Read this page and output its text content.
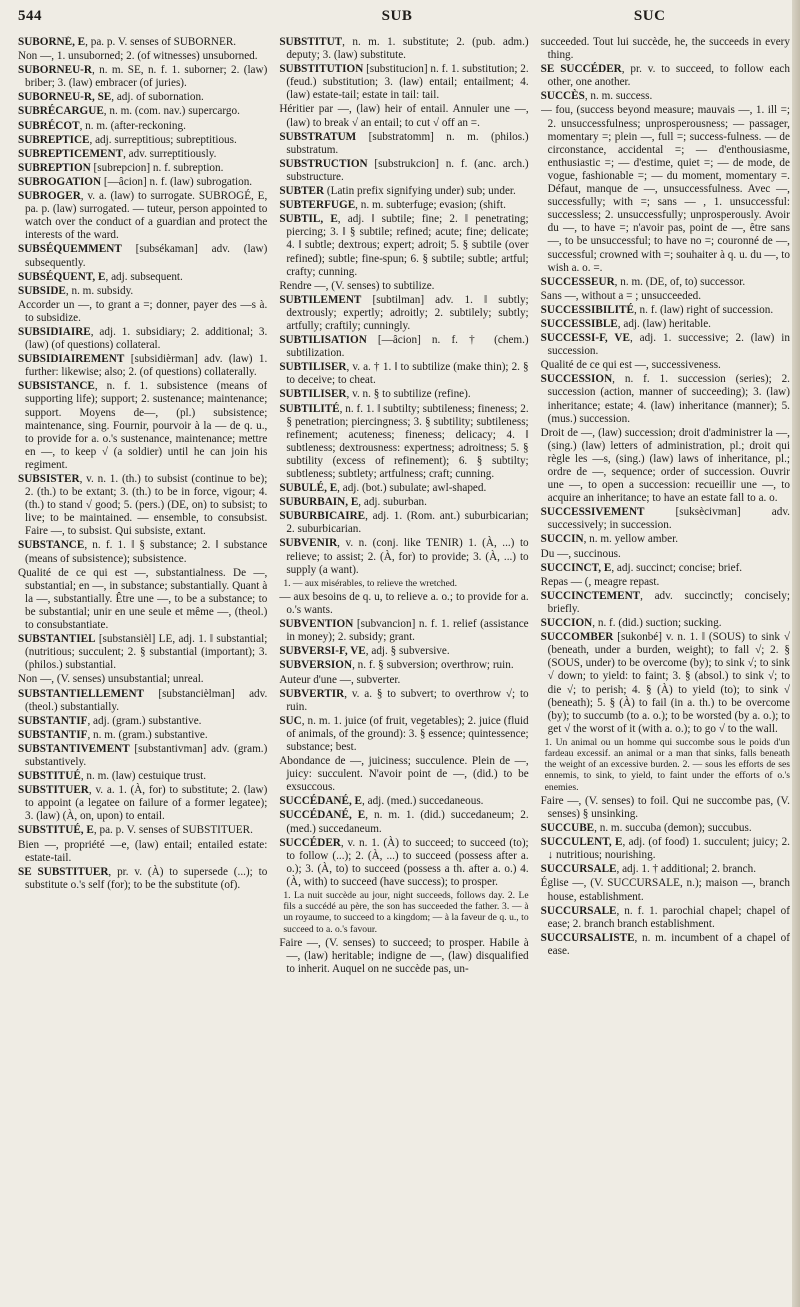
544	SUB	SUC

SUBORNÉ, E, pa. p. V. senses of SUBORNER.

Non —, 1. unsuborned; 2. (of witnesses) unsuborned.

SUBORNEU-R, n. m. SE, n. f. 1. suborner; 2. (law) briber; 3. (law) embracer (of juries).

SUBORNEU-R, SE, adj. of subornation.

SUBRÉCARGUE, n. m. (com. nav.) supercargo.

SUBRÉCOT, n. m. (after-reckoning.

SUBREPTICE, adj. surreptitious; subreptitious.

SUBREPTICEMENT, adv. surreptitiously.

SUBREPTION [subrepcion] n. f. subreption.

SUBROGATION [—âcion] n. f. (law) subrogation.

SUBROGER, v. a. (law) to surrogate. SUBROGÉ, E, pa. p. (law) surrogated. — tuteur, person appointed to watch over the conduct of a guardian and protect the interests of the ward.

SUBSÉQUEMMENT [subsékaman] adv. (law) subsequently.

SUBSÉQUENT, E, adj. subsequent.

SUBSIDE, n. m. subsidy.

Accorder un —, to grant a =; donner, payer des —s à. to subsidize.

SUBSIDIAIRE, adj. 1. subsidiary; 2. additional; 3. (law) (of questions) collateral.

SUBSIDIAIREMENT [subsidièrman] adv. (law) 1. further: likewise; also; 2. (of questions) collaterally.

SUBSISTANCE, n. f. 1. subsistence (means of supporting life); support; 2. sustenance; maintenance; support. Moyens de—, (pl.) subsistence; maintenance, sing. Fournir, pourvoir à la — de q. u., to provide for a. o.'s sustenance, maintenance; mettre en —, to keep √ (a soldier) until he can join his regiment.

SUBSISTER, v. n. 1. (th.) to subsist (continue to be); 2. (th.) to be extant; 3. (th.) to be in force, vigour; 4. (th.) to stand √ good; 5. (pers.) (DE, on) to subsist; to live; to be maintained. — ensemble, to consubsist. Faire —, to subsist. Qui subsiste, extant.

SUBSTANCE, n. f. 1. ‖ § substance; 2. ‖ substance (means of subsistence); subsistence.

Qualité de ce qui est —, substantialness. De —, substantial; en —, in substance; substantially. Quant à la —, substantially. Être une —, to be a substance; to be substantial; unir en une seule et même —, (theol.) to consubstantiate.

SUBSTANTIEL [substansièl] LE, adj. 1. ‖ substantial; (nutritious; succulent; 2. § substantial (important); 3. (philos.) substantial.

Non —, (V. senses) unsubstantial; unreal.

SUBSTANTIELLEMENT [substancièlman] adv. (theol.) substantially.

SUBSTANTIF, adj. (gram.) substantive.

SUBSTANTIF, n. m. (gram.) substantive.

SUBSTANTIVEMENT [substantivman] adv. (gram.) substantively.

SUBSTITUÉ, n. m. (law) cestuique trust.

SUBSTITUER, v. a. 1. (À, for) to substitute; 2. (law) to appoint (a legatee on failure of a former legatee); 3. (law) (À, on, upon) to entail.

SUBSTITUÉ, E, pa. p. V. senses of SUBSTITUER.

Bien —, propriété —e, (law) entail; entailed estate: estate-tail.

SE SUBSTITUER, pr. v. (À) to supersede (...); to substitute o.'s self (for); to be the substitute (of).

SUBSTITUT, n. m. 1. substitute; 2. (pub. adm.) deputy; 3. (law) substitute.

SUBSTITUTION [substitucion] n. f. 1. substitution; 2. (feud.) substitution; 3. (law) entail; entailment; 4. (law) estate-tail; estate in tail: tail.

Héritier par —, (law) heir of entail. Annuler une —, (law) to break √ an entail; to cut √ off an =.

SUBSTRATUM [substratomm] n. m. (philos.) substratum.

SUBSTRUCTION [substrukcion] n. f. (anc. arch.) substructure.

SUBTER (Latin prefix signifying under) sub; under.

SUBTERFUGE, n. m. subterfuge; evasion; (shift.

SUBTIL, E, adj. ‖ subtile; fine; 2. ‖ penetrating; piercing; 3. ‖ § subtile; refined; acute; fine; delicate; 4. ‖ subtle; dextrous; expert; adroit; 5. § subtile (over refined); subtle; fine-spun; 6. § subtile; subtle; artful; crafty; cunning.

Rendre —, (V. senses) to subtilize.

SUBTILEMENT [subtilman] adv. 1. ‖ subtly; dextrously; expertly; adroitly; 2. subtilely; subtly; artfully; craftily; cunningly.

SUBTILISATION [—âcion] n. f. † (chem.) subtilization.

SUBTILISER, v. a. † 1. ‖ to subtilize (make thin); 2. § to deceive; to cheat.

SUBTILISER, v. n. § to subtilize (refine).

SUBTILITÉ, n. f. 1. ‖ subtilty; subtileness; fineness; 2. § penetration; piercingness; 3. § subtility; subtileness; refinement; acuteness; fineness; delicacy; 4. ‖ subtleness; dextrousness: expertness; adroitness; 5. § subtility (excess of refinement); 6. § subtilty; subtleness; subtlety; artfulness; craft; cunning.

SUBULÉ, E, adj. (bot.) subulate; awl-shaped.

SUBURBAIN, E, adj. suburban.

SUBURBICAIRE, adj. 1. (Rom. ant.) suburbicarian; 2. suburbicarian.

SUBVENIR, v. n. (conj. like TENIR) 1. (À, ...) to relieve; to assist; 2. (À, for) to provide; 3. (À, ...) to supply (a want).

1. — aux misérables, to relieve the wretched.

— aux besoins de q. u, to relieve a. o.; to provide for a. o.'s wants.

SUBVENTION [subvancion] n. f. 1. relief (assistance in money); 2. subsidy; grant.

SUBVERSI-F, VE, adj. § subversive.

SUBVERSION, n. f. § subversion; overthrow; ruin.

Auteur d'une —, subverter.

SUBVERTIR, v. a. § to subvert; to overthrow √; to ruin.

SUC, n. m. 1. juice (of fruit, vegetables); 2. juice (fluid of animals, of the ground): 3. § essence; quintessence; substance; best.

Abondance de —, juiciness; succulence. Plein de —, juicy: succulent. N'avoir point de —, (did.) to be exsuccous.

SUCCÉDANÉ, E, adj. (med.) succedaneous.

SUCCÉDANÉ, E, n. m. 1. (did.) succedaneum; 2. (med.) succedaneum.

SUCCÉDER, v. n. 1. (À) to succeed; to succeed (to); to follow (...); 2. (À, ...) to succeed (possess after a. o.); 3. (À, to) to succeed (possess a th. after a. o.) 4. (À, with) to succeed (have success); to prosper.

1. La nuit succède au jour, night succeeds, follows day. 2. Le fils a succédé au père, the son has succeeded the father. 3. — à un royaume, to succeed to a kingdom; — à la faveur de q. u., to succeed to a. o.'s favour.

Faire —, (V. senses) to succeed; to prosper. Habile à —, (law) heritable; indigne de —, (law) disqualified to inherit. Auquel on ne succède pas, un-

succeeded. Tout lui succède, he, the succeeds in every thing.

SE SUCCÉDER, pr. v. to succeed, to follow each other, one another.

SUCCÈS, n. m. success.

— fou, (success beyond measure; mauvais —, 1. ill =; 2. unsuccessfulness; unprosperousness; — passager, momentary =; plein —, full =; success-fulness. — de circonstance, accidental =; — d'enthousiasme, enthusiastic =; — d'estime, quiet =; — de mode, de vogue, fashionable =; — du moment, momentary =. Défaut, manque de —, unsuccessfulness. Avec —, successfully; with =; sans — , 1. unsuccessful: successless; 2. unsuccessfully; unprosperously. Avoir du —, to have =; n'avoir pas, point de —, être sans —, to be unsuccessful; to have no =; couronné de —, successful; crowned with =; souhaiter à q. u. du —, to wish a. o. =.

SUCCESSEUR, n. m. (DE, of, to) successor.

Sans —, without a = ; unsucceeded.

SUCCESSIBILITÉ, n. f. (law) right of succession.

SUCCESSIBLE, adj. (law) heritable.

SUCCESSI-F, VE, adj. 1. successive; 2. (law) in succession.

Qualité de ce qui est —, successiveness.

SUCCESSION, n. f. 1. succession (series); 2. succession (action, manner of succeeding); 3. (law) inheritance; estate; 4. (law) inheritance (manner); 5. (mus.) succession.

Droit de —, (law) succession; droit d'administrer la —, (sing.) (law) letters of administration, pl.; droit qui règle les —s, (sing.) (law) laws of inheritance, pl.; ordre de —, sequence; order of succession. Ouvrir une —, to open a succession: recueillir une —, to acquire an inheritance; to have an estate fall to a. o.

SUCCESSIVEMENT [suksècivman] adv. successively; in succession.

SUCCIN, n. m. yellow amber.

Du —, succinous.

SUCCINCT, E, adj. succinct; concise; brief.

Repas — (, meagre repast.

SUCCINCTEMENT, adv. succinctly; concisely; briefly.

SUCCION, n. f. (did.) suction; sucking.

SUCCOMBER [sukonbé] v. n. 1. ‖ (SOUS) to sink √ (beneath, under a burden, weight); to fall √; 2. § (SOUS, under) to be overcome (by); to sink √; to sink √ down; to yield: to faint; 3. § (absol.) to sink √; to die √; to perish; 4. § (À) to yield (to); to sink √ (beneath); 5. § (À) to fail (in a. th.) to be overcome (by); to succumb (to a. o.); to be worsted (by a. o.); to get √ the worst of it (with a. o.); to go √ to the wall.

1. Un animal ou un homme qui succombe sous le poids d'un fardeau excessif. an animal or a man that sinks, falls beneath the weight of an excessive burden. 2. — sous les efforts de ses ennemis, to sink, to yield, to faint under the efforts of o.'s enemies.

Faire —, (V. senses) to foil. Qui ne succombe pas, (V. senses) § unsinking.

SUCCUBE, n. m. succuba (demon); succubus.

SUCCULENT, E, adj. (of food) 1. succulent; juicy; 2. ↓ nutritious; nourishing.

SUCCURSALE, adj. 1. † additional; 2. branch.

Église —, (V. SUCCURSALE, n.); maison —, branch house, establishment.

SUCCURSALE, n. f. 1. parochial chapel; chapel of ease; 2. branch branch establishment.

SUCCURSALISTE, n. m. incumbent of a chapel of ease.
